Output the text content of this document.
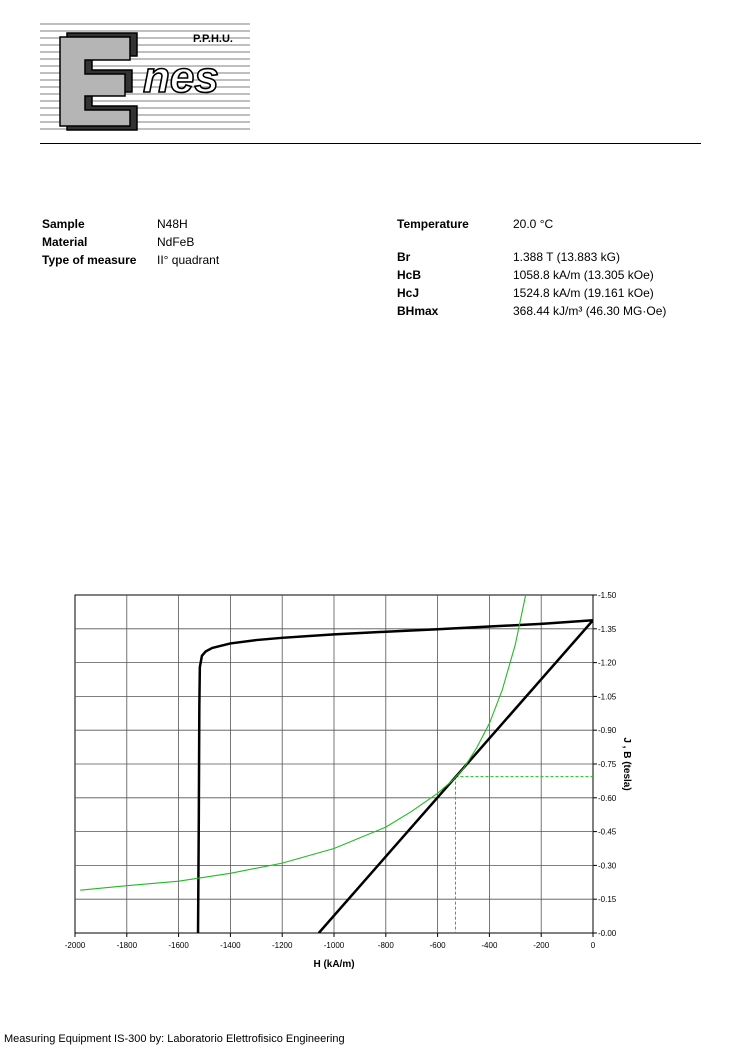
P.P.H.U.
nes
Sample	N48H
Material	NdFeB
Type of measure II° quadrant
Temperature	20.0 °C
Br	1.388 T (13.883 kG)
HcB	1058.8 kA/m (13.305 kOe)
HcJ	1524.8 kA/m (19.161 kOe)
BHmax	368.44 kJ/m³ (46.30 MG·Oe)
-2000	-1800	-1600	-1400	-1200	-1000	-800	-600	-400	-200	0
-0.00
-0.15
-0.30
-0.45
-0.60
-0.75
-0.90
-1.05
-1.20
-1.35
-1.50
H (kA/m)
J , B (tesla)
Measuring Equipment IS-300 by: Laboratorio Elettrofisico Engineering
